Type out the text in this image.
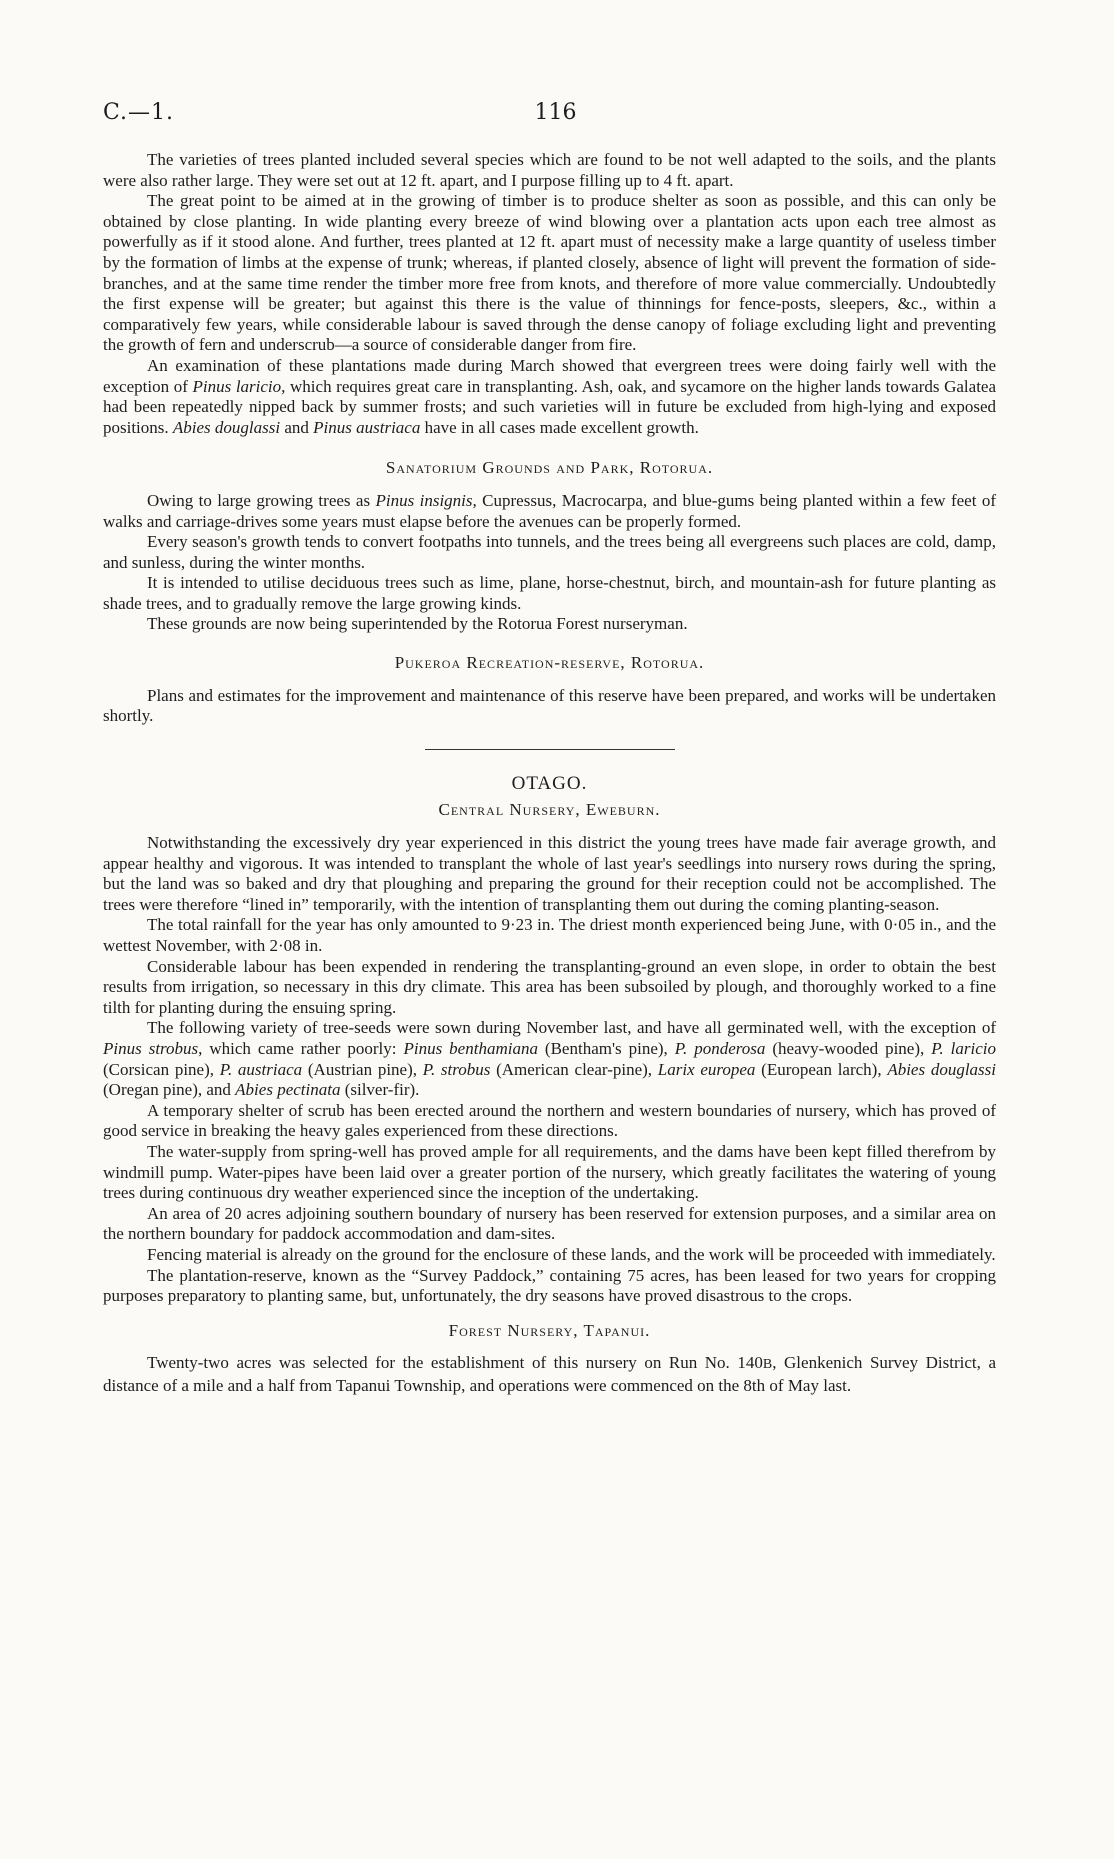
C.—1.	116

The varieties of trees planted included several species which are found to be not well adapted to the soils, and the plants were also rather large. They were set out at 12 ft. apart, and I purpose filling up to 4 ft. apart.

The great point to be aimed at in the growing of timber is to produce shelter as soon as possible, and this can only be obtained by close planting. In wide planting every breeze of wind blowing over a plantation acts upon each tree almost as powerfully as if it stood alone. And further, trees planted at 12 ft. apart must of necessity make a large quantity of useless timber by the formation of limbs at the expense of trunk; whereas, if planted closely, absence of light will prevent the formation of side-branches, and at the same time render the timber more free from knots, and therefore of more value commercially. Undoubtedly the first expense will be greater; but against this there is the value of thinnings for fence-posts, sleepers, &c., within a comparatively few years, while considerable labour is saved through the dense canopy of foliage excluding light and preventing the growth of fern and underscrub—a source of considerable danger from fire.

An examination of these plantations made during March showed that evergreen trees were doing fairly well with the exception of Pinus laricio, which requires great care in transplanting. Ash, oak, and sycamore on the higher lands towards Galatea had been repeatedly nipped back by summer frosts; and such varieties will in future be excluded from high-lying and exposed positions. Abies douglassi and Pinus austriaca have in all cases made excellent growth.

Sanatorium Grounds and Park, Rotorua.

Owing to large growing trees as Pinus insignis, Cupressus, Macrocarpa, and blue-gums being planted within a few feet of walks and carriage-drives some years must elapse before the avenues can be properly formed.

Every season's growth tends to convert footpaths into tunnels, and the trees being all evergreens such places are cold, damp, and sunless, during the winter months.

It is intended to utilise deciduous trees such as lime, plane, horse-chestnut, birch, and mountain-ash for future planting as shade trees, and to gradually remove the large growing kinds.

These grounds are now being superintended by the Rotorua Forest nurseryman.

Pukeroa Recreation-reserve, Rotorua.

Plans and estimates for the improvement and maintenance of this reserve have been prepared, and works will be undertaken shortly.

OTAGO.
Central Nursery, Eweburn.

Notwithstanding the excessively dry year experienced in this district the young trees have made fair average growth, and appear healthy and vigorous. It was intended to transplant the whole of last year's seedlings into nursery rows during the spring, but the land was so baked and dry that ploughing and preparing the ground for their reception could not be accomplished. The trees were therefore “lined in” temporarily, with the intention of transplanting them out during the coming planting-season.

The total rainfall for the year has only amounted to 9·23 in. The driest month experienced being June, with 0·05 in., and the wettest November, with 2·08 in.

Considerable labour has been expended in rendering the transplanting-ground an even slope, in order to obtain the best results from irrigation, so necessary in this dry climate. This area has been subsoiled by plough, and thoroughly worked to a fine tilth for planting during the ensuing spring.

The following variety of tree-seeds were sown during November last, and have all germinated well, with the exception of Pinus strobus, which came rather poorly: Pinus benthamiana (Bentham's pine), P. ponderosa (heavy-wooded pine), P. laricio (Corsican pine), P. austriaca (Austrian pine), P. strobus (American clear-pine), Larix europea (European larch), Abies douglassi (Oregan pine), and Abies pectinata (silver-fir).

A temporary shelter of scrub has been erected around the northern and western boundaries of nursery, which has proved of good service in breaking the heavy gales experienced from these directions.

The water-supply from spring-well has proved ample for all requirements, and the dams have been kept filled therefrom by windmill pump. Water-pipes have been laid over a greater portion of the nursery, which greatly facilitates the watering of young trees during continuous dry weather experienced since the inception of the undertaking.

An area of 20 acres adjoining southern boundary of nursery has been reserved for extension purposes, and a similar area on the northern boundary for paddock accommodation and dam-sites.

Fencing material is already on the ground for the enclosure of these lands, and the work will be proceeded with immediately.

The plantation-reserve, known as the “Survey Paddock,” containing 75 acres, has been leased for two years for cropping purposes preparatory to planting same, but, unfortunately, the dry seasons have proved disastrous to the crops.

Forest Nursery, Tapanui.

Twenty-two acres was selected for the establishment of this nursery on Run No. 140B, Glenkenich Survey District, a distance of a mile and a half from Tapanui Township, and operations were commenced on the 8th of May last.
